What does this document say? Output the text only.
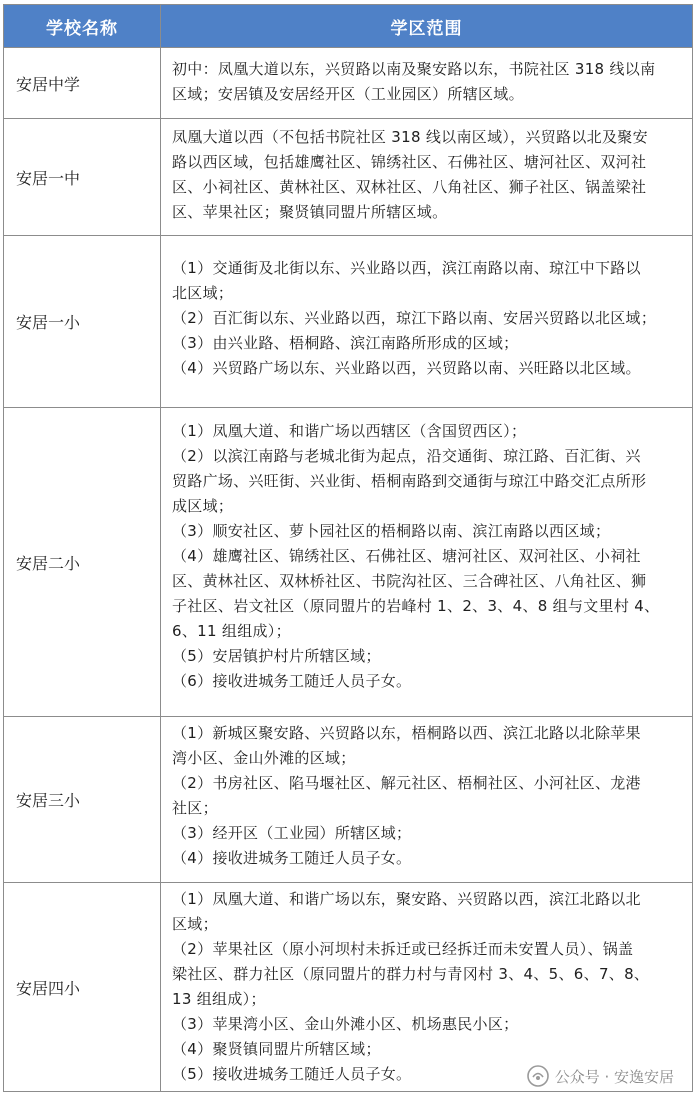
学校名称	学区范围
安居中学
初中：凤凰大道以东，兴贸路以南及聚安路以东，书院社区 318 线以南
区域；安居镇及安居经开区（工业园区）所辖区域。
安居一中
凤凰大道以西（不包括书院社区 318 线以南区域），兴贸路以北及聚安
路以西区域，包括雄鹰社区、锦绣社区、石佛社区、塘河社区、双河社
区、小祠社区、黄林社区、双林社区、八角社区、狮子社区、锅盖梁社
区、苹果社区；聚贤镇同盟片所辖区域。
安居一小
（1）交通街及北街以东、兴业路以西，滨江南路以南、琼江中下路以
北区域；
（2）百汇街以东、兴业路以西，琼江下路以南、安居兴贸路以北区域；
（3）由兴业路、梧桐路、滨江南路所形成的区域；
（4）兴贸路广场以东、兴业路以西，兴贸路以南、兴旺路以北区域。
安居二小
（1）凤凰大道、和谐广场以西辖区（含国贸西区）；
（2）以滨江南路与老城北街为起点，沿交通街、琼江路、百汇街、兴
贸路广场、兴旺街、兴业街、梧桐南路到交通街与琼江中路交汇点所形
成区域；
（3）顺安社区、萝卜园社区的梧桐路以南、滨江南路以西区域；
（4）雄鹰社区、锦绣社区、石佛社区、塘河社区、双河社区、小祠社
区、黄林社区、双林桥社区、书院沟社区、三合碑社区、八角社区、狮
子社区、岩文社区（原同盟片的岩峰村 1、2、3、4、8 组与文里村 4、
6、11 组组成）；
（5）安居镇护村片所辖区域；
（6）接收进城务工随迁人员子女。
安居三小
（1）新城区聚安路、兴贸路以东，梧桐路以西、滨江北路以北除苹果
湾小区、金山外滩的区域；
（2）书房社区、陷马堰社区、解元社区、梧桐社区、小河社区、龙港
社区；
（3）经开区（工业园）所辖区域；
（4）接收进城务工随迁人员子女。
安居四小
（1）凤凰大道、和谐广场以东，聚安路、兴贸路以西，滨江北路以北
区域；
（2）苹果社区（原小河坝村未拆迁或已经拆迁而未安置人员）、锅盖
梁社区、群力社区（原同盟片的群力村与青冈村 3、4、5、6、7、8、
13 组组成）；
（3）苹果湾小区、金山外滩小区、机场惠民小区；
（4）聚贤镇同盟片所辖区域；
（5）接收进城务工随迁人员子女。	公众号 · 安逸安居
